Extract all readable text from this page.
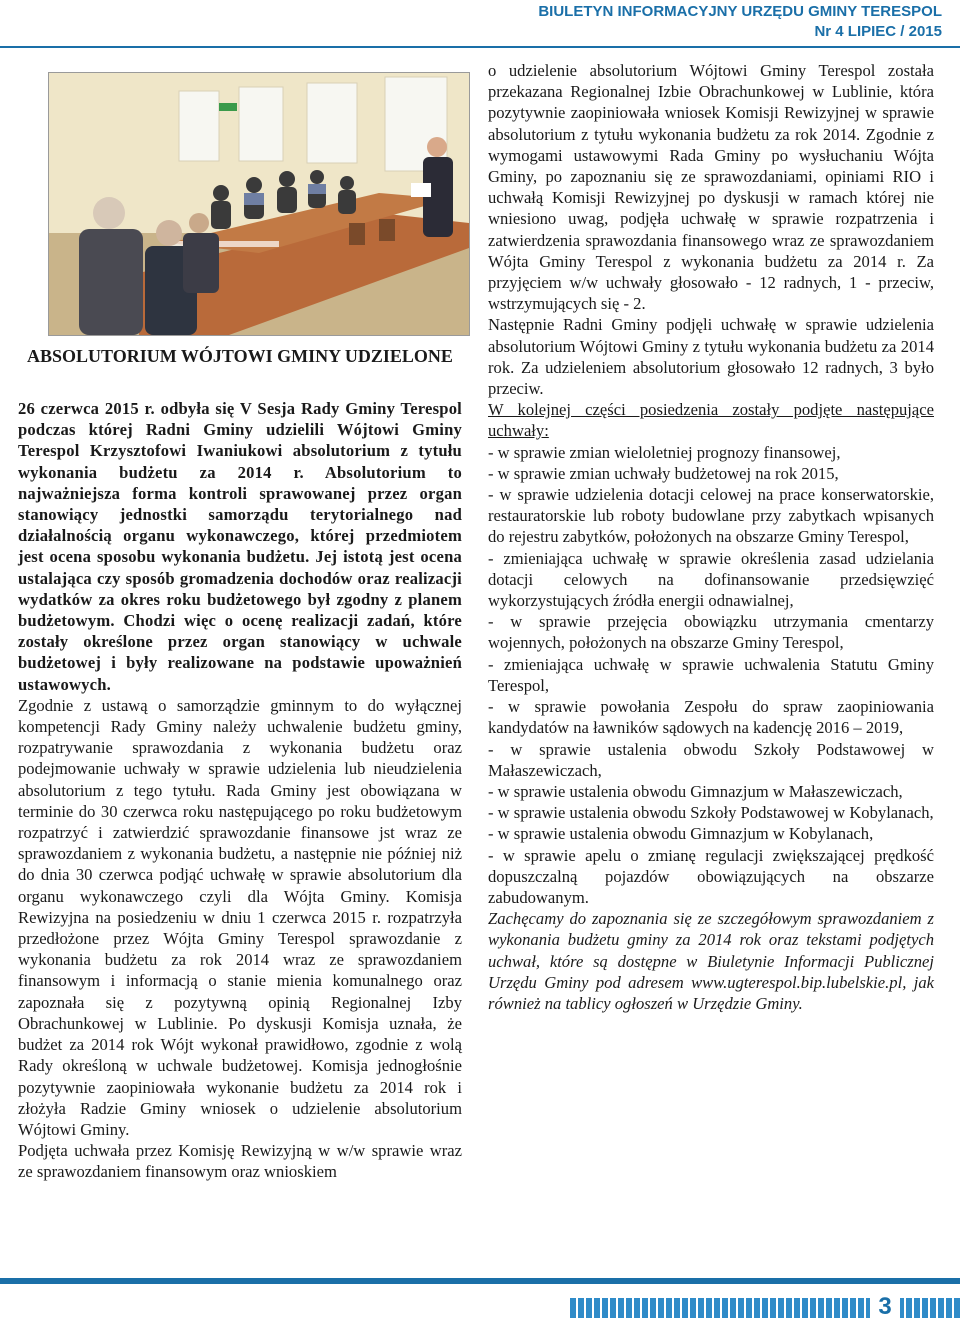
BIULETYN INFORMACYJNY URZĘDU GMINY TERESPOL
Nr 4 LIPIEC / 2015

ABSOLUTORIUM WÓJTOWI GMINY UDZIELONE

26 czerwca 2015 r. odbyła się V Sesja Rady Gminy Terespol podczas której Radni Gminy udzielili Wójtowi Gminy Terespol Krzysztofowi Iwaniukowi absolutorium z tytułu wykonania budżetu za 2014 r. Absolutorium to najważniejsza forma kontroli sprawowanej przez organ stanowiący jednostki samorządu terytorialnego nad działalnością organu wykonawczego, której przedmiotem jest ocena sposobu wykonania budżetu. Jej istotą jest ocena ustalająca czy sposób gromadzenia dochodów oraz realizacji wydatków za okres roku budżetowego był zgodny z planem budżetowym. Chodzi więc o ocenę realizacji zadań, które zostały określone przez organ stanowiący w uchwale budżetowej i były realizowane na podstawie upoważnień ustawowych.

Zgodnie z ustawą o samorządzie gminnym to do wyłącznej kompetencji Rady Gminy należy uchwalenie budżetu gminy, rozpatrywanie sprawozdania z wykonania budżetu oraz podejmowanie uchwały w sprawie udzielenia lub nieudzielenia absolutorium z tego tytułu. Rada Gminy jest obowiązana w terminie do 30 czerwca roku następującego po roku budżetowym rozpatrzyć i zatwierdzić sprawozdanie finansowe jst wraz ze sprawozdaniem z wykonania budżetu, a następnie nie później niż do dnia 30 czerwca podjąć uchwałę w sprawie absolutorium dla organu wykonawczego czyli dla Wójta Gminy. Komisja Rewizyjna na posiedzeniu w dniu 1 czerwca 2015 r. rozpatrzyła przedłożone przez Wójta Gminy Terespol sprawozdanie z wykonania budżetu za rok 2014 wraz ze sprawozdaniem finansowym i informacją o stanie mienia komunalnego oraz zapoznała się z pozytywną opinią Regionalnej Izby Obrachunkowej w Lublinie. Po dyskusji Komisja uznała, że budżet za 2014 rok Wójt wykonał prawidłowo, zgodnie z wolą Rady określoną w uchwale budżetowej. Komisja jednogłośnie pozytywnie zaopiniowała wykonanie budżetu za 2014 rok i złożyła Radzie Gminy wniosek o udzielenie absolutorium Wójtowi Gminy.

Podjęta uchwała przez Komisję Rewizyjną w w/w sprawie wraz ze sprawozdaniem finansowym oraz wnioskiem

o udzielenie absolutorium Wójtowi Gminy Terespol została przekazana Regionalnej Izbie Obrachunkowej w Lublinie, która pozytywnie zaopiniowała wniosek Komisji Rewizyjnej w sprawie absolutorium z tytułu wykonania budżetu za rok 2014. Zgodnie z wymogami ustawowymi Rada Gminy po wysłuchaniu Wójta Gminy, po zapoznaniu się ze sprawozdaniami, opiniami RIO i uchwałą Komisji Rewizyjnej po dyskusji w ramach której nie wniesiono uwag, podjęła uchwałę w sprawie rozpatrzenia i zatwierdzenia sprawozdania finansowego wraz ze sprawozdaniem Wójta Gminy Terespol z wykonania budżetu za 2014 r. Za przyjęciem w/w uchwały głosowało - 12 radnych, 1 - przeciw, wstrzymujących się - 2.

Następnie Radni Gminy podjęli uchwałę w sprawie udzielenia absolutorium Wójtowi Gminy z tytułu wykonania budżetu za 2014 rok. Za udzieleniem absolutorium głosowało 12 radnych, 3 było przeciw.

W kolejnej części posiedzenia zostały podjęte następujące uchwały:

- w sprawie zmian wieloletniej prognozy finansowej,
- w sprawie zmian uchwały budżetowej na rok 2015,
- w sprawie udzielenia dotacji celowej na prace konserwatorskie, restauratorskie lub roboty budowlane przy zabytkach wpisanych do rejestru zabytków, położonych na obszarze Gminy Terespol,
- zmieniająca uchwałę w sprawie określenia zasad udzielania dotacji celowych na dofinansowanie przedsięwzięć wykorzystujących źródła energii odnawialnej,
- w sprawie przejęcia obowiązku utrzymania cmentarzy wojennych, położonych na obszarze Gminy Terespol,
- zmieniająca uchwałę w sprawie uchwalenia Statutu Gminy Terespol,
- w sprawie powołania Zespołu do spraw zaopiniowania kandydatów na ławników sądowych na kadencję 2016 – 2019,
- w sprawie ustalenia obwodu Szkoły Podstawowej w Małaszewiczach,
- w sprawie ustalenia obwodu Gimnazjum w Małaszewiczach,
- w sprawie ustalenia obwodu Szkoły Podstawowej w Kobylanach,
- w sprawie ustalenia obwodu Gimnazjum w Kobylanach,
- w sprawie apelu o zmianę regulacji zwiększającej prędkość dopuszczalną pojazdów obowiązujących na obszarze zabudowanym.

Zachęcamy do zapoznania się ze szczegółowym sprawozdaniem z wykonania budżetu gminy za 2014 rok oraz tekstami podjętych uchwał, które są dostępne w Biuletynie Informacji Publicznej Urzędu Gminy pod adresem www.ugterespol.bip.lubelskie.pl, jak również na tablicy ogłoszeń w Urzędzie Gminy.

3
